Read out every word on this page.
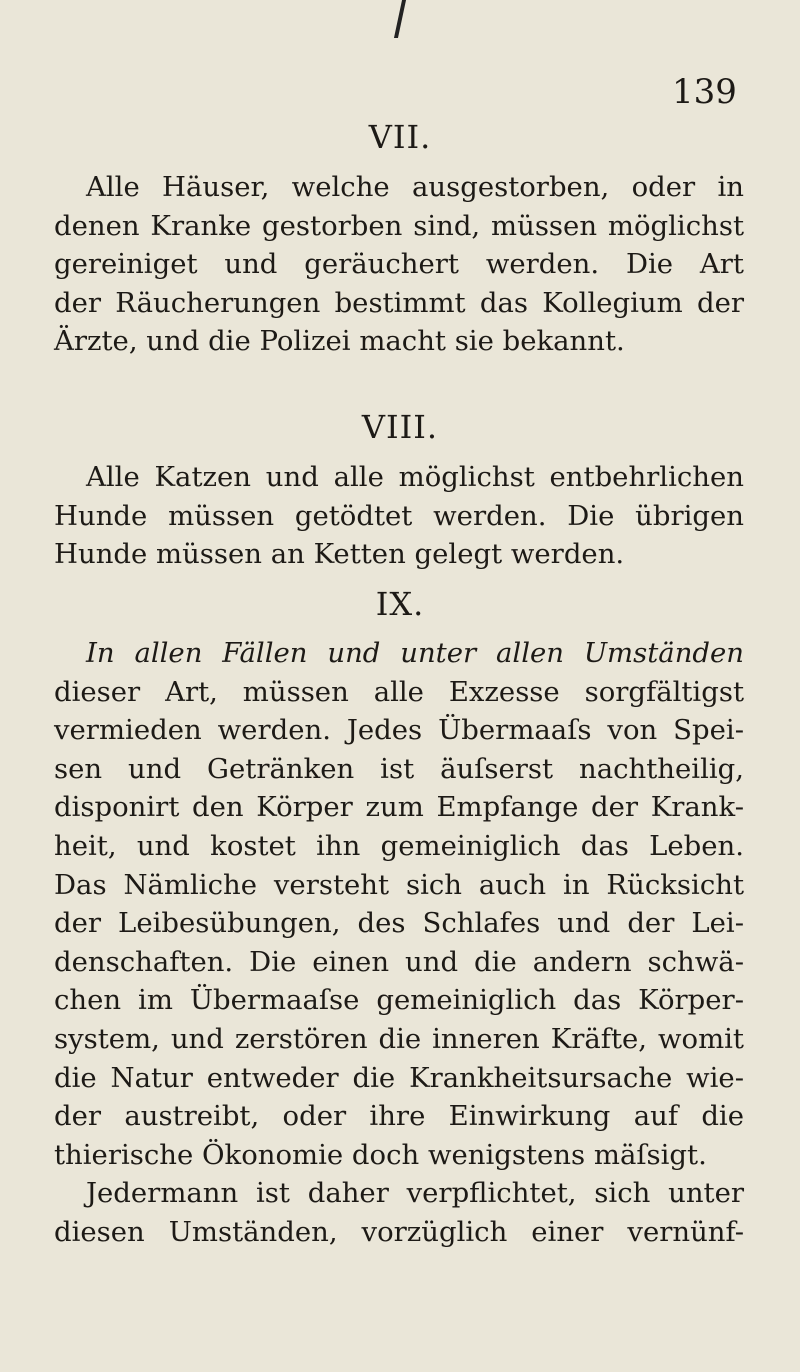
139
VII.
Alle Häuser, welche ausgestorben, oder in
denen Kranke gestorben sind, müssen möglichst
gereiniget und geräuchert werden. Die Art
der Räucherungen bestimmt das Kollegium der
Ärzte, und die Polizei macht sie bekannt.
VIII.
Alle Katzen und alle möglichst entbehrlichen
Hunde müssen getödtet werden. Die übrigen
Hunde müssen an Ketten gelegt werden.
IX.
In allen Fällen und unter allen Umständen
dieser Art, müssen alle Exzesse sorgfältigst
vermieden werden. Jedes Übermaaſs von Spei-
sen und Getränken ist äuſserst nachtheilig,
disponirt den Körper zum Empfange der Krank-
heit, und kostet ihn gemeiniglich das Leben.
Das Nämliche versteht sich auch in Rücksicht
der Leibesübungen, des Schlafes und der Lei-
denschaften. Die einen und die andern schwä-
chen im Übermaaſse gemeiniglich das Körper-
system, und zerstören die inneren Kräfte, womit
die Natur entweder die Krankheitsursache wie-
der austreibt, oder ihre Einwirkung auf die
thierische Ökonomie doch wenigstens mäſsigt.
Jedermann ist daher verpflichtet, sich unter
diesen Umständen, vorzüglich einer vernünf-
